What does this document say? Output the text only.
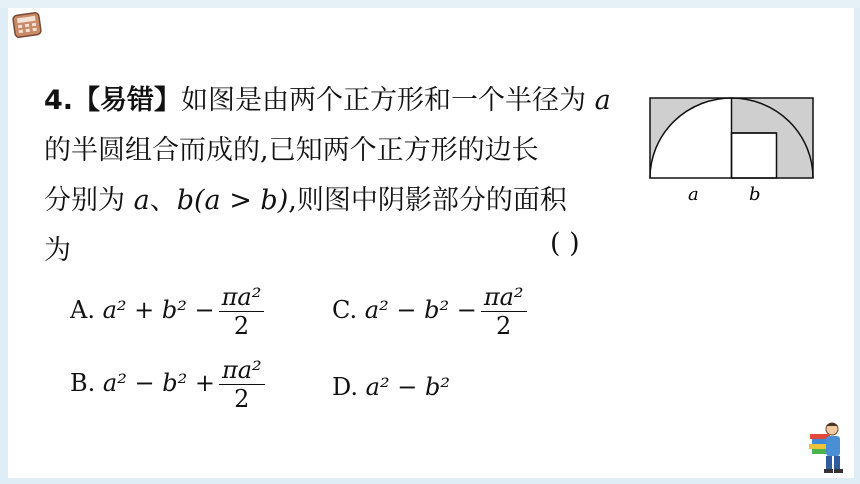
4.【易错】如图是由两个正方形和一个半径为 a
的半圆组合而成的,已知两个正方形的边长
分别为 a、b(a > b),则图中阴影部分的面积
为	( )
A. $a^2 + b^2 - \frac{\text{πa²}}{2}$	C. $a^2 - b^2 - \frac{\text{πa²}}{2}$
B. $a^2 - b^2 + \frac{\text{πa²}}{2}$	D. a² − b²
a	b
